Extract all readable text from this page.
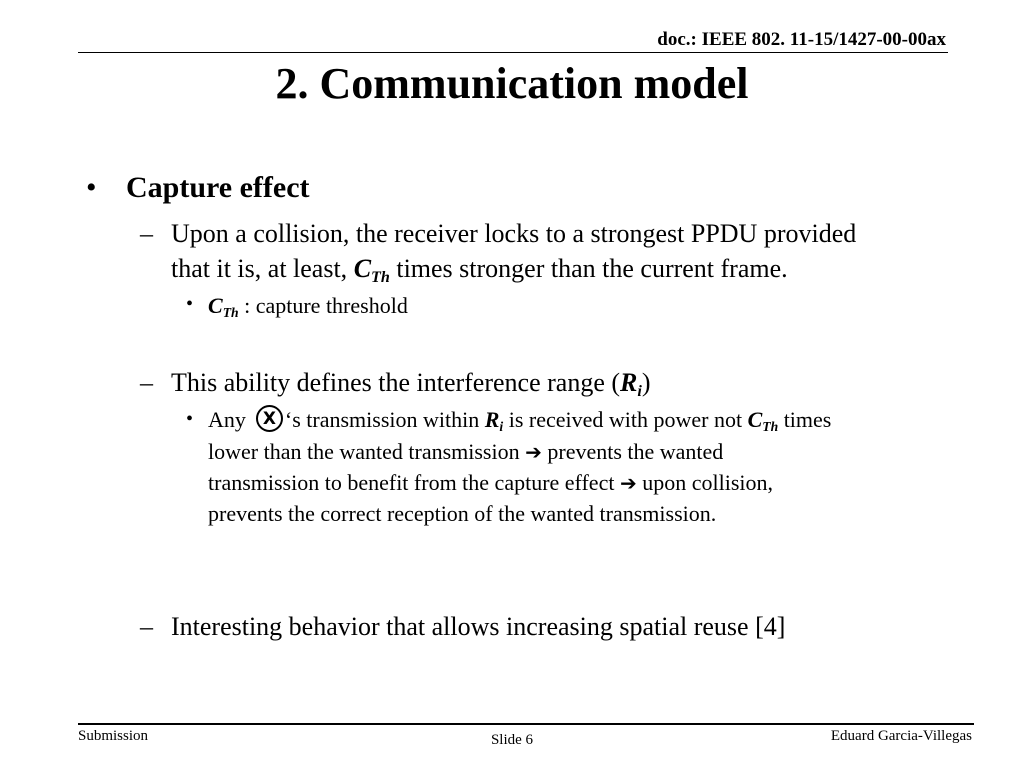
doc.: IEEE 802. 11-15/1427-00-00ax
2. Communication model
• Capture effect
– Upon a collision, the receiver locks to a strongest PPDU provided
that it is, at least, $C_{Th}$ times stronger than the current frame.
• $C_{Th}$ : capture threshold
– This ability defines the interference range $(R_i)$
• Any X ‘s transmission within $R_i$ is received with power not $C_{Th}$ times
lower than the wanted transmission ➔ prevents the wanted
transmission to benefit from the capture effect ➔ upon collision,
prevents the correct reception of the wanted transmission.
– Interesting behavior that allows increasing spatial reuse [4]
Submission	Slide 6	Eduard Garcia-Villegas
